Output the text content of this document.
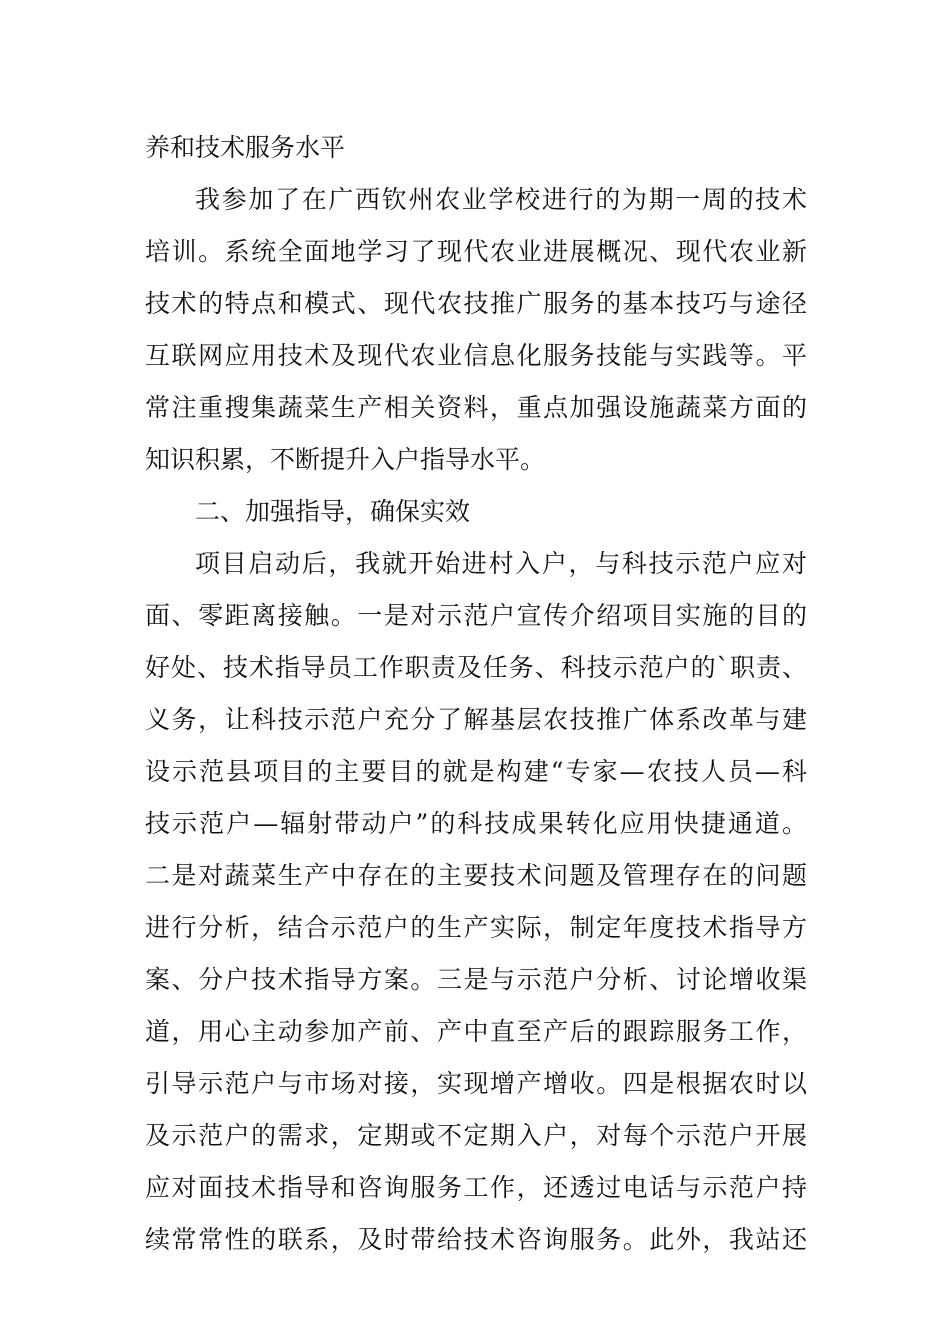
养和技术服务水平
我参加了在广西钦州农业学校进行的为期一周的技术
培训。系统全面地学习了现代农业进展概况、现代农业新
技术的特点和模式、现代农技推广服务的基本技巧与途径
互联网应用技术及现代农业信息化服务技能与实践等。平
常注重搜集蔬菜生产相关资料，重点加强设施蔬菜方面的
知识积累，不断提升入户指导水平。
二、加强指导，确保实效
项目启动后，我就开始进村入户，与科技示范户应对
面、零距离接触。一是对示范户宣传介绍项目实施的目的
好处、技术指导员工作职责及任务、科技示范户的`职责、
义务，让科技示范户充分了解基层农技推广体系改革与建
设示范县项目的主要目的就是构建“专家—农技人员—科
技示范户—辐射带动户”的科技成果转化应用快捷通道。
二是对蔬菜生产中存在的主要技术问题及管理存在的问题
进行分析，结合示范户的生产实际，制定年度技术指导方
案、分户技术指导方案。三是与示范户分析、讨论增收渠
道，用心主动参加产前、产中直至产后的跟踪服务工作，
引导示范户与市场对接，实现增产增收。四是根据农时以
及示范户的需求，定期或不定期入户，对每个示范户开展
应对面技术指导和咨询服务工作，还透过电话与示范户持
续常常性的联系，及时带给技术咨询服务。此外，我站还
